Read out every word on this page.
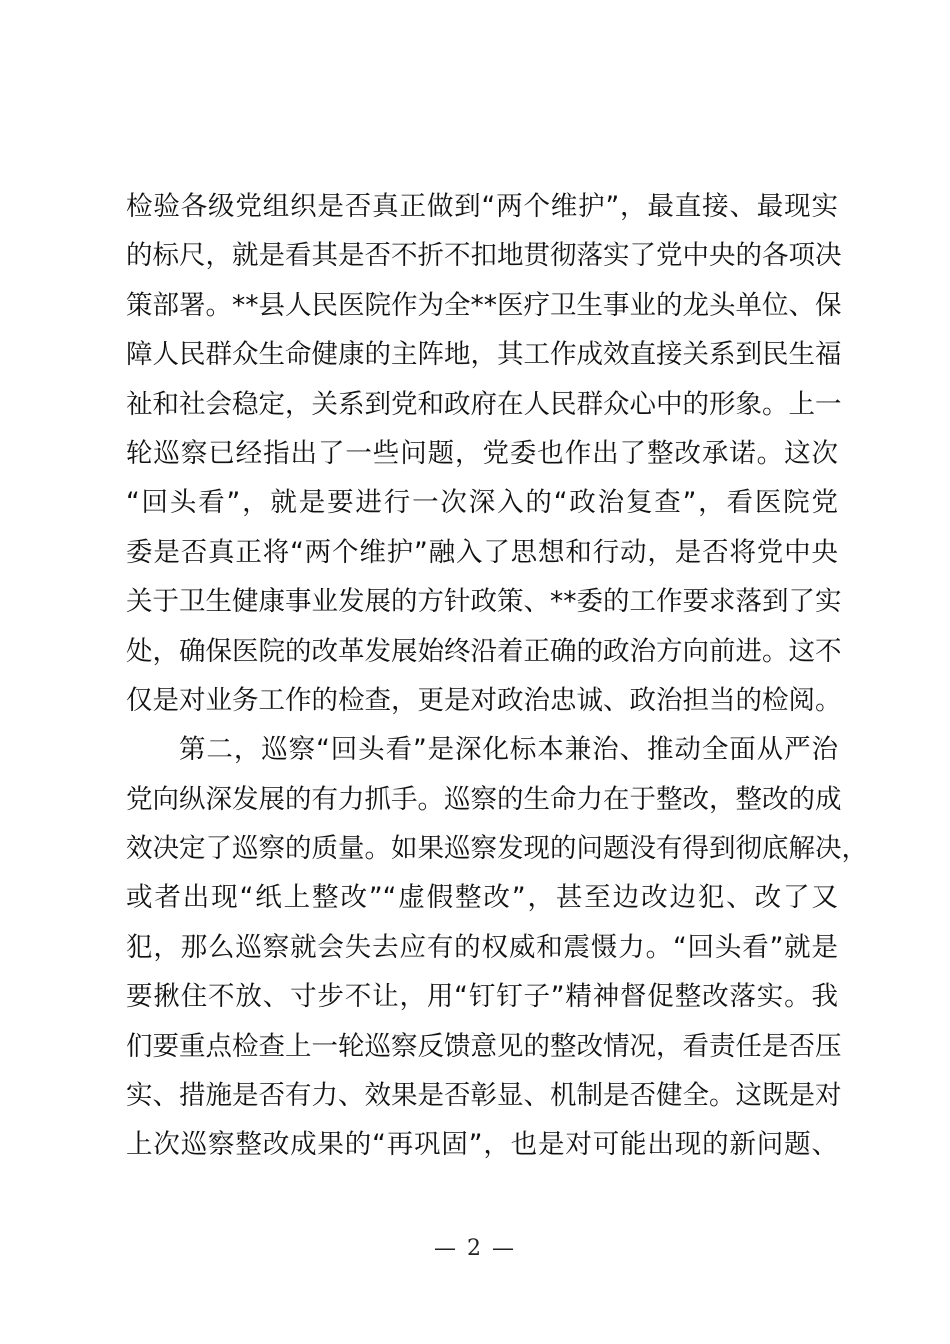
检验各级党组织是否真正做到“两个维护”，最直接、最现实
的标尺，就是看其是否不折不扣地贯彻落实了党中央的各项决
策部署。**县人民医院作为全**医疗卫生事业的龙头单位、保
障人民群众生命健康的主阵地，其工作成效直接关系到民生福
祉和社会稳定，关系到党和政府在人民群众心中的形象。上一
轮巡察已经指出了一些问题，党委也作出了整改承诺。这次
“回头看”，就是要进行一次深入的“政治复查”，看医院党
委是否真正将“两个维护”融入了思想和行动，是否将党中央
关于卫生健康事业发展的方针政策、**委的工作要求落到了实
处，确保医院的改革发展始终沿着正确的政治方向前进。这不
仅是对业务工作的检查，更是对政治忠诚、政治担当的检阅。
第二，巡察“回头看”是深化标本兼治、推动全面从严治
党向纵深发展的有力抓手。巡察的生命力在于整改，整改的成
效决定了巡察的质量。如果巡察发现的问题没有得到彻底解决，
或者出现“纸上整改”“虚假整改”，甚至边改边犯、改了又
犯，那么巡察就会失去应有的权威和震慑力。“回头看”就是
要揪住不放、寸步不让，用“钉钉子”精神督促整改落实。我
们要重点检查上一轮巡察反馈意见的整改情况，看责任是否压
实、措施是否有力、效果是否彰显、机制是否健全。这既是对
上次巡察整改成果的“再巩固”，也是对可能出现的新问题、
— 2 —
